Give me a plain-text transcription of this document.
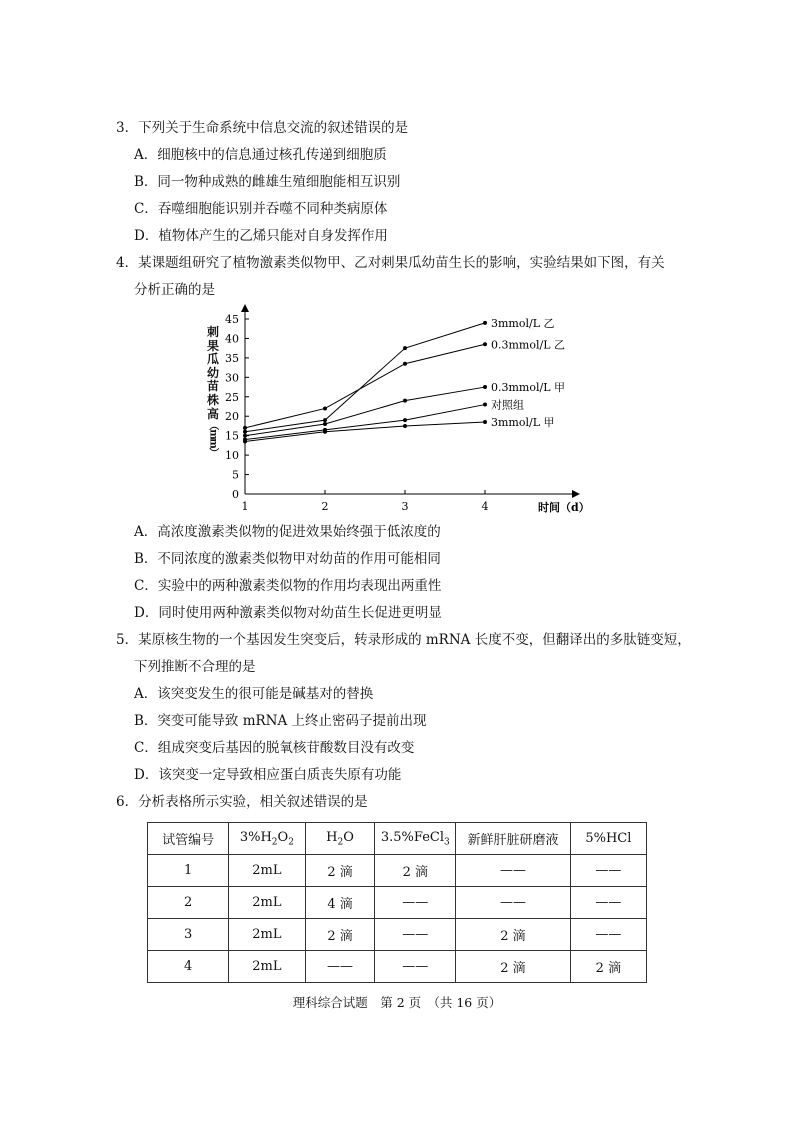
3．下列关于生命系统中信息交流的叙述错误的是
A．细胞核中的信息通过核孔传递到细胞质
B．同一物种成熟的雌雄生殖细胞能相互识别
C．吞噬细胞能识别并吞噬不同种类病原体
D．植物体产生的乙烯只能对自身发挥作用
4．某课题组研究了植物激素类似物甲、乙对刺果瓜幼苗生长的影响，实验结果如下图，有关
分析正确的是
刺
果
瓜
幼
苗
株
高
（
m
m
）
0
5
10
15
20
25
30
35
40
45
1	2	3	4	时间（d）
3mmol/L 乙
0.3mmol/L 乙
0.3mmol/L 甲
对照组
3mmol/L 甲
A．高浓度激素类似物的促进效果始终强于低浓度的
B．不同浓度的激素类似物甲对幼苗的作用可能相同
C．实验中的两种激素类似物的作用均表现出两重性
D．同时使用两种激素类似物对幼苗生长促进更明显
5．某原核生物的一个基因发生突变后，转录形成的 mRNA 长度不变，但翻译出的多肽链变短，
下列推断不合理的是
A．该突变发生的很可能是碱基对的替换
B．突变可能导致 mRNA 上终止密码子提前出现
C．组成突变后基因的脱氧核苷酸数目没有改变
D．该突变一定导致相应蛋白质丧失原有功能
6．分析表格所示实验，相关叙述错误的是
试管编号	$3\%H_2O_2$	$H_2O$	3.5%FeCl$_3$	新鲜肝脏研磨液	5%HCl
1	2mL	2 滴	2 滴	——	——
2	2mL	4 滴	——	——	——
3	2mL	2 滴	——	2 滴	——
4	2mL	——	——	2 滴	2 滴
理科综合试题　第 2 页　（共 16 页）
